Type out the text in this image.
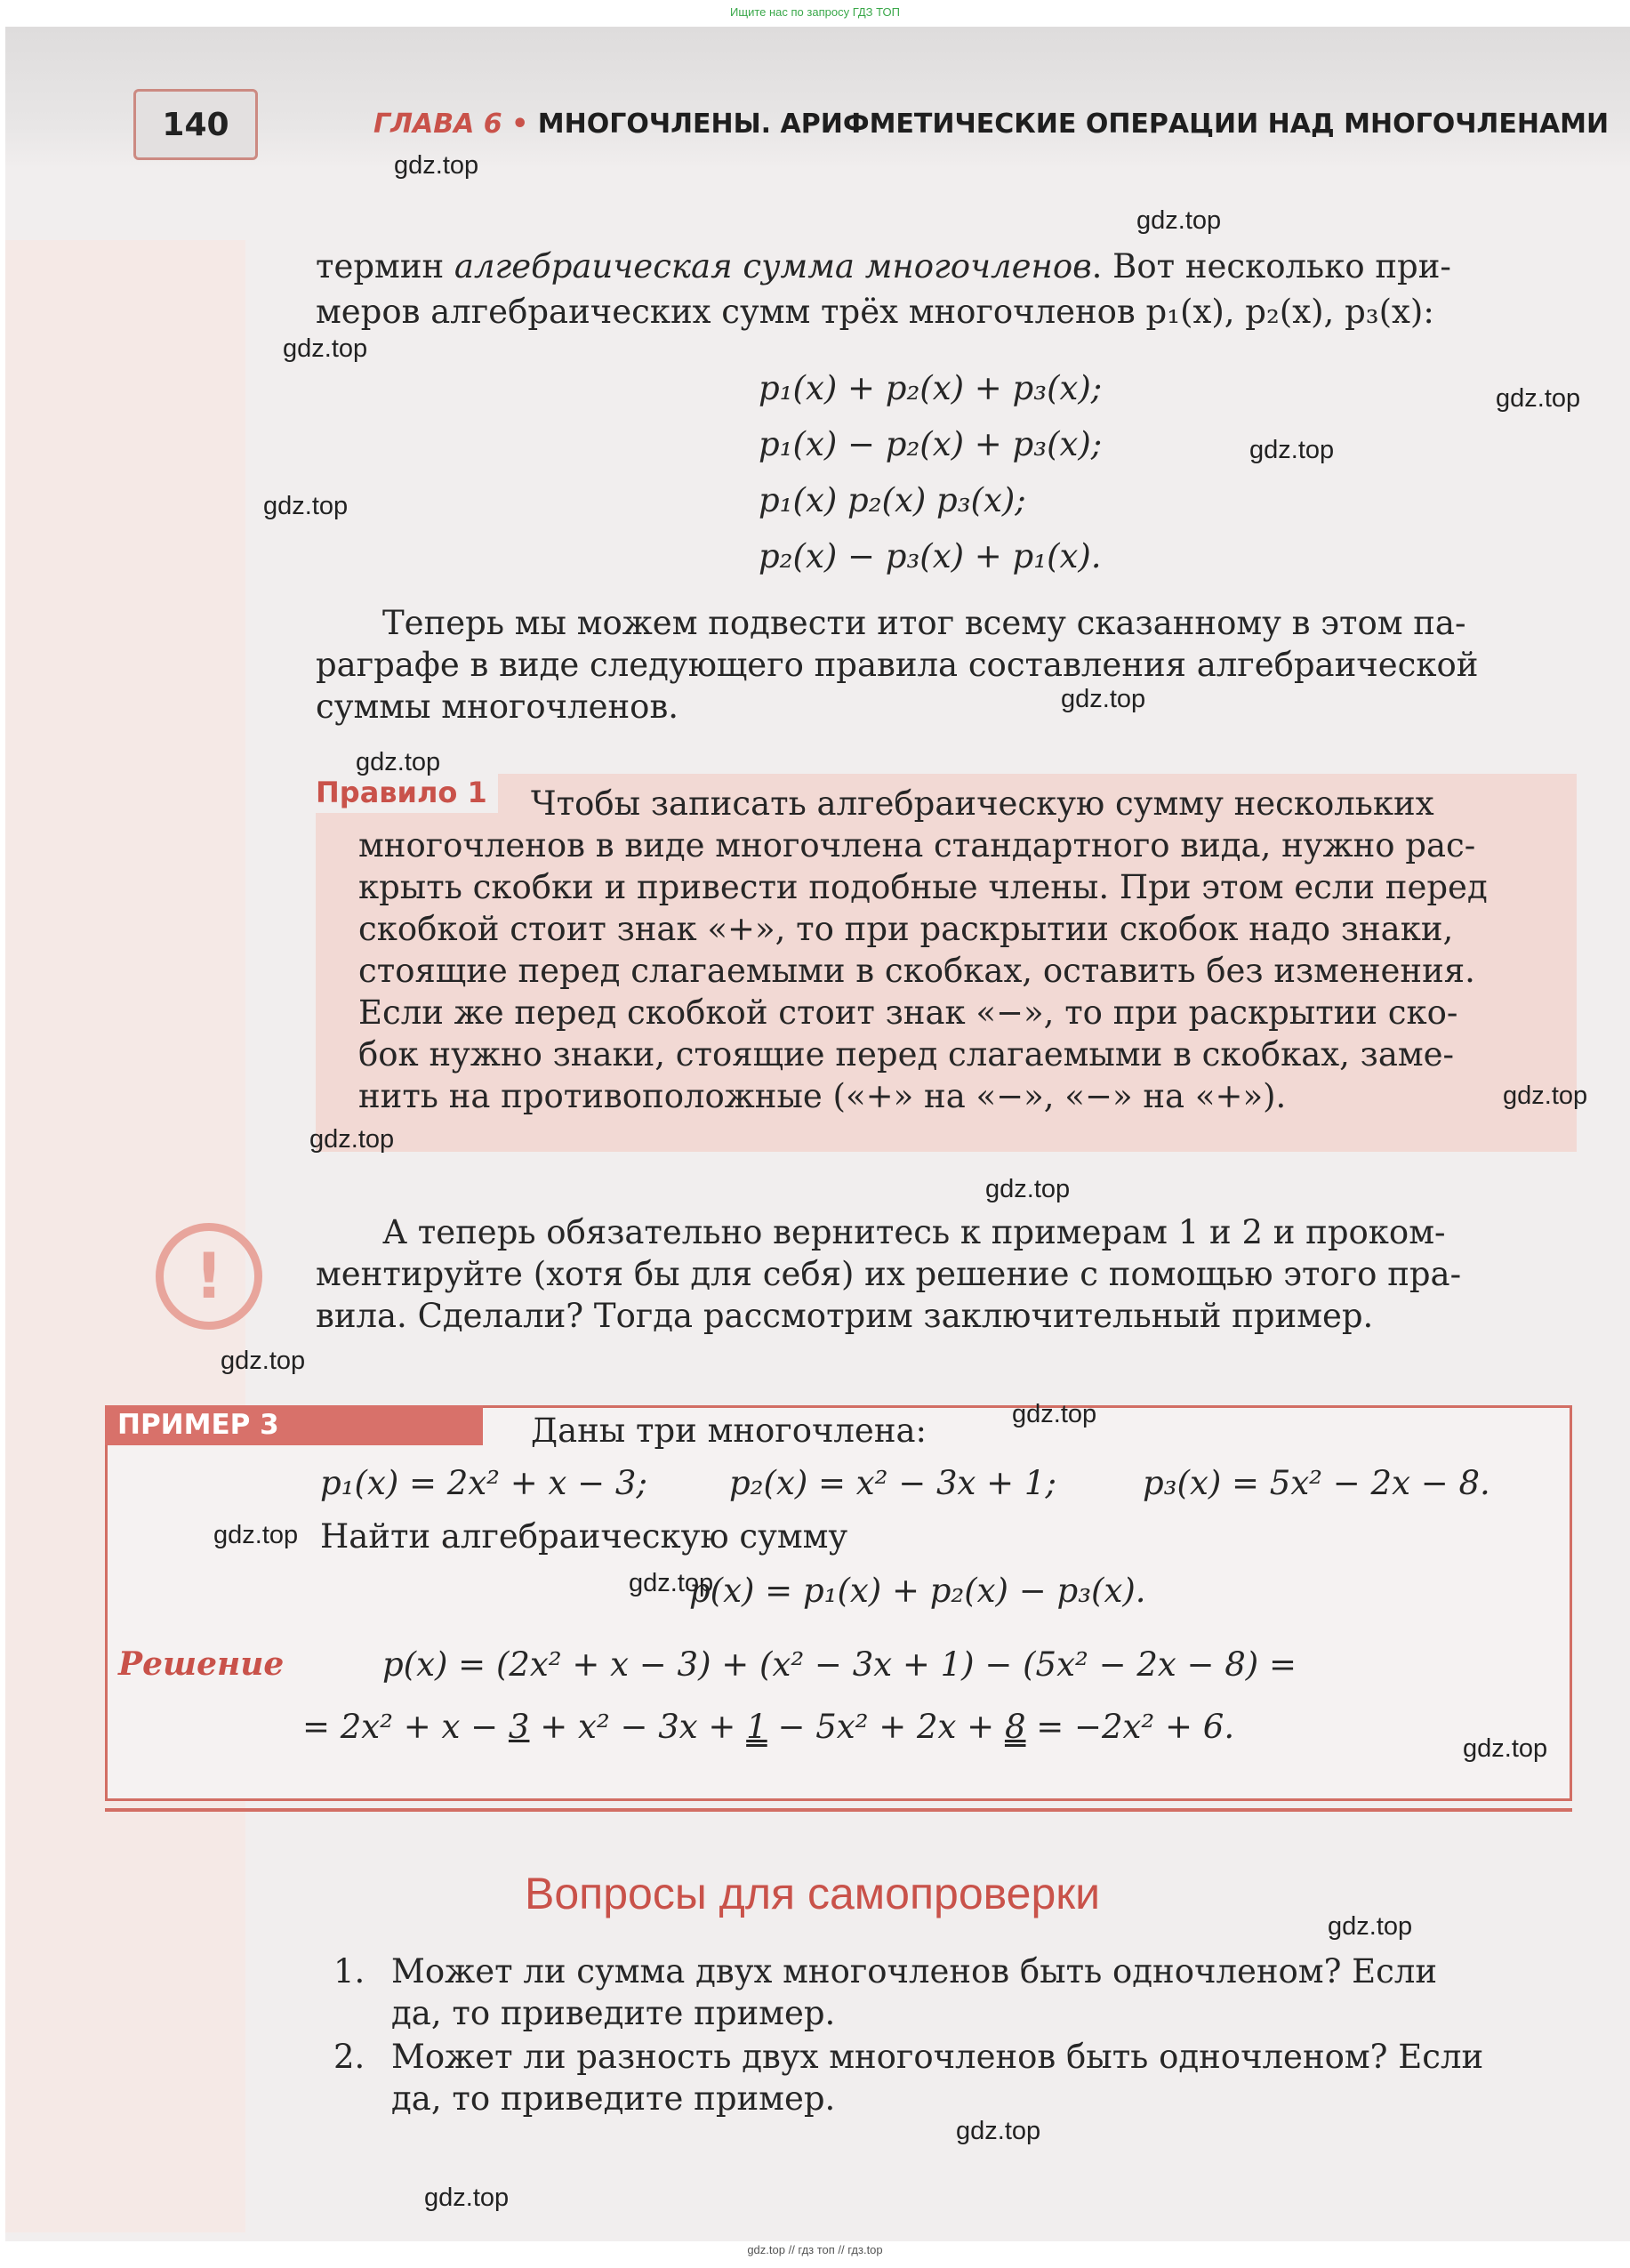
Ищите нас по запросу ГДЗ ТОП
140	ГЛАВА 6 • МНОГОЧЛЕНЫ. АРИФМЕТИЧЕСКИЕ ОПЕРАЦИИ НАД МНОГОЧЛЕНАМИ
термин алгебраическая сумма многочленов. Вот несколько при-
меров алгебраических сумм трёх многочленов p₁(x), p₂(x), p₃(x):
p₁(x) + p₂(x) + p₃(x);
p₁(x) − p₂(x) + p₃(x);
p₁(x) p₂(x) p₃(x);
p₂(x) − p₃(x) + p₁(x).
Теперь мы можем подвести итог всему сказанному в этом па-
раграфе в виде следующего правила составления алгебраической
суммы многочленов.
Правило 1	Чтобы записать алгебраическую сумму нескольких
многочленов в виде многочлена стандартного вида, нужно рас-
крыть скобки и привести подобные члены. При этом если перед
скобкой стоит знак «+», то при раскрытии скобок надо знаки,
стоящие перед слагаемыми в скобках, оставить без изменения.
Если же перед скобкой стоит знак «−», то при раскрытии ско-
бок нужно знаки, стоящие перед слагаемыми в скобках, заме-
нить на противоположные («+» на «−», «−» на «+»).
!
А теперь обязательно вернитесь к примерам 1 и 2 и проком-
ментируйте (хотя бы для себя) их решение с помощью этого пра-
вила. Сделали? Тогда рассмотрим заключительный пример.
ПРИМЕР 3	Даны три многочлена:
p₁(x) = 2x² + x − 3; p₂(x) = x² − 3x + 1;	p₃(x) = 5x² − 2x − 8.
Найти алгебраическую сумму
p(x) = p₁(x) + p₂(x) − p₃(x).
Решение	p(x) = (2x² + x − 3) + (x² − 3x + 1) − (5x² − 2x − 8) =
= 2x² + x − 3 + x² − 3x + 1 − 5x² + 2x + 8 = −2x² + 6.
Вопросы для самопроверки
1. Может ли сумма двух многочленов быть одночленом? Если
да, то приведите пример.
2. Может ли разность двух многочленов быть одночленом? Если
да, то приведите пример.
gdz.top
gdz.top
gdz.top
gdz.top
gdz.top
gdz.top
gdz.top
gdz.top
gdz.top
gdz.top
gdz.top
gdz.top
gdz.top
gdz.top
gdz.top
gdz.top
gdz.top
gdz.top
gdz.top
gdz.top // гдз топ // гдз.top
